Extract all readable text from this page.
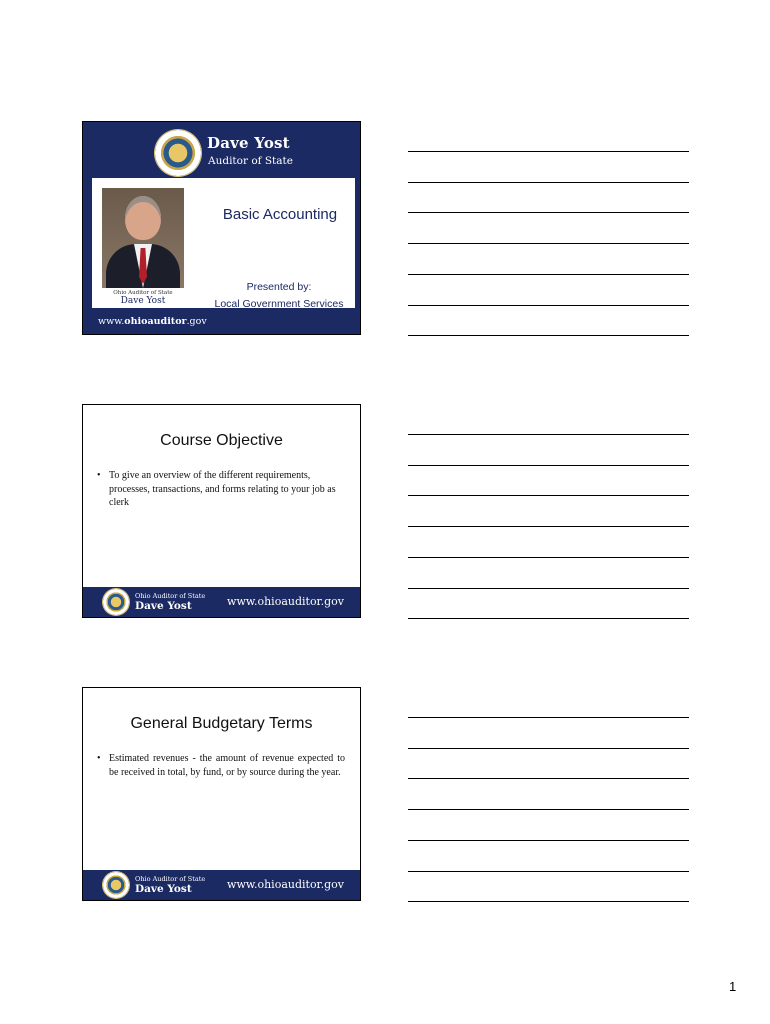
Dave Yost
Auditor of State
Ohio Auditor of State
Dave Yost
Basic Accounting
Presented by:
Local Government Services
www.ohioauditor.gov
Course Objective
• To give an overview of the different requirements, processes, transactions, and forms relating to your job as clerk
Ohio Auditor of State
Dave Yost	www.ohioauditor.gov
General Budgetary Terms
• Estimated revenues - the amount of revenue expected to be received in total, by fund, or by source during the year.
Ohio Auditor of State
Dave Yost	www.ohioauditor.gov
1
